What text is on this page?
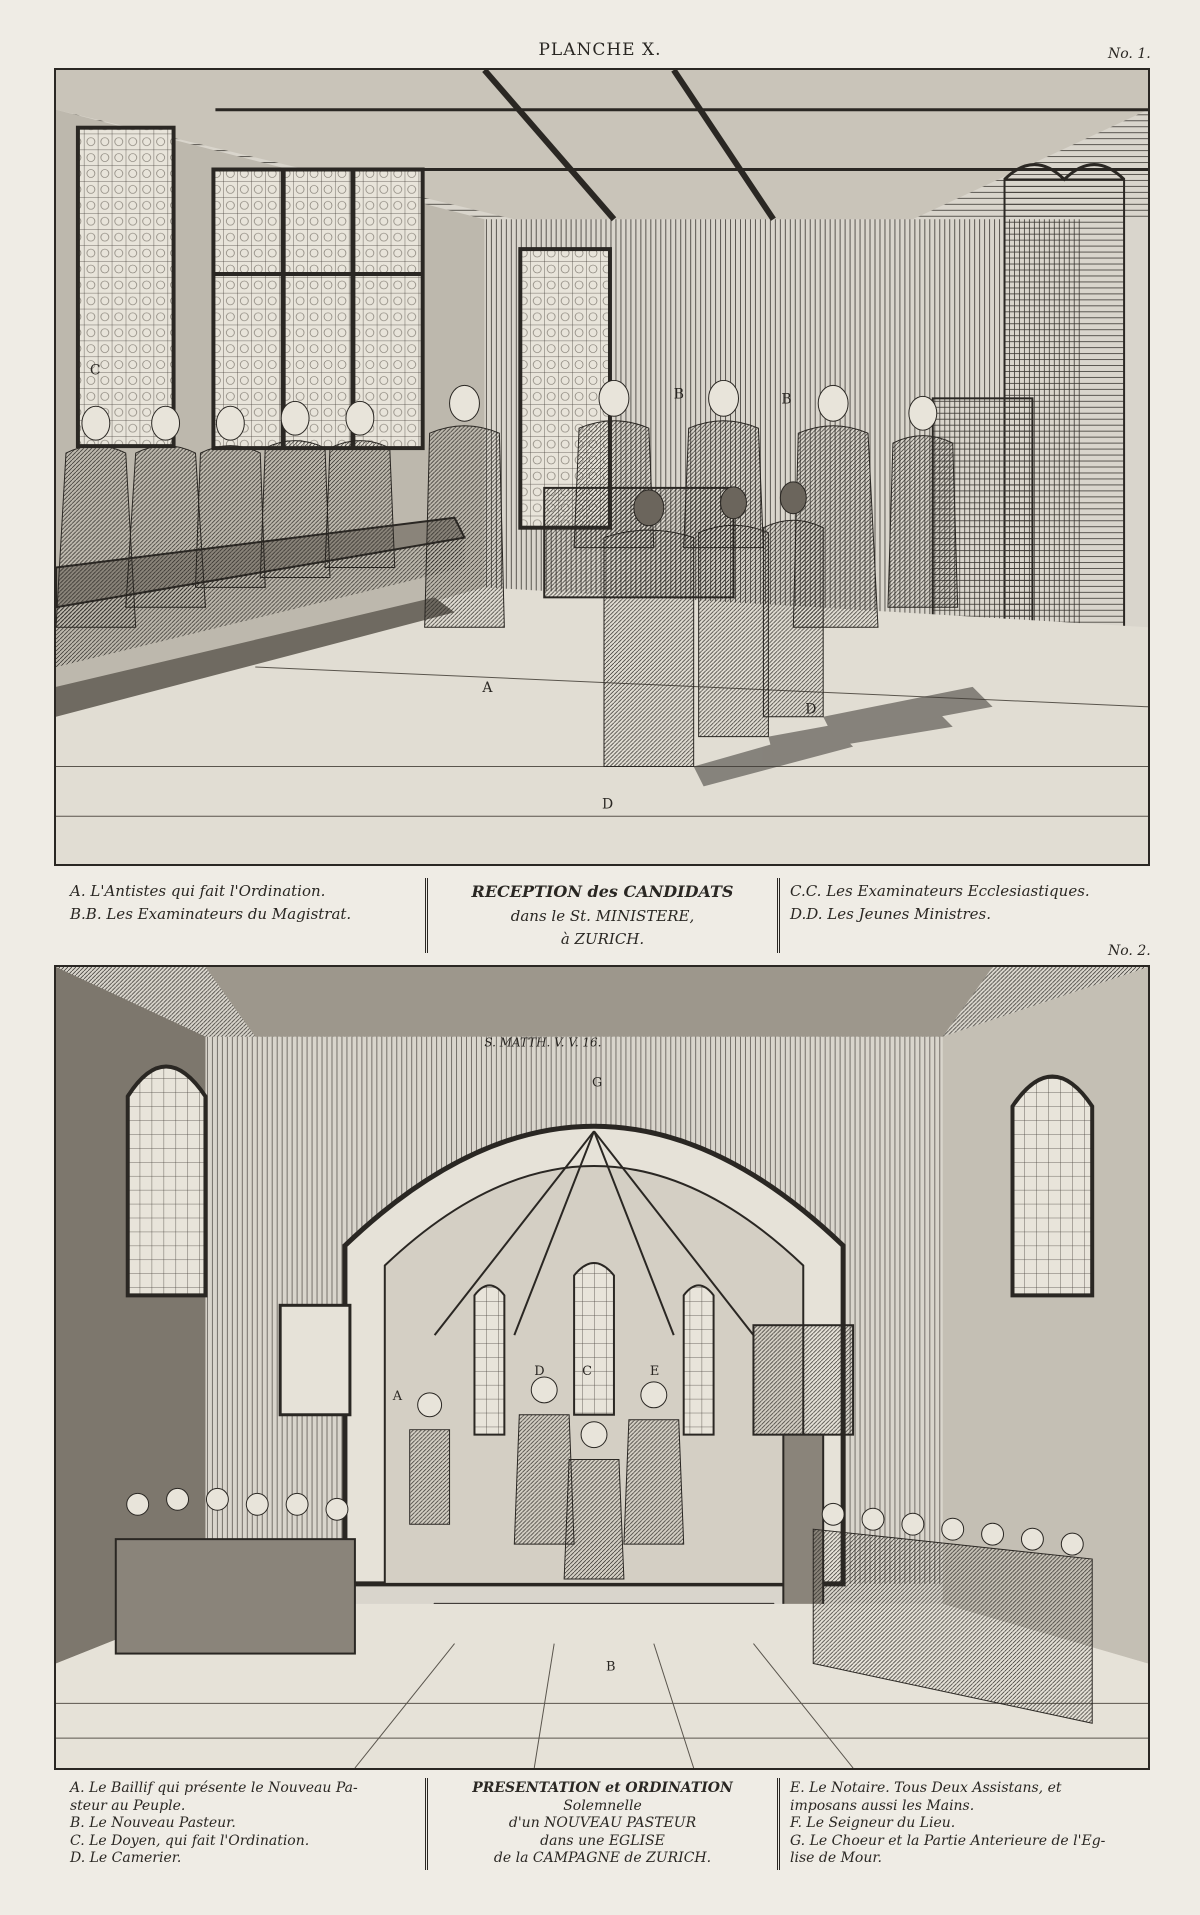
PLANCHE X.	No. 1.
C
B	B
A
D
D
A. L'Antistes qui fait l'Ordination.
B.B. Les Examinateurs du Magistrat.
RECEPTION des CANDIDATS
dans le St. MINISTERE,
à ZURICH.
C.C. Les Examinateurs Ecclesiastiques.
D.D. Les Jeunes Ministres.
No. 2.
S. MATTH. V. V. 16.
G
A
D	C	E
B
A. Le Baillif qui présente le Nouveau Pa-
steur au Peuple.
B. Le Nouveau Pasteur.
C. Le Doyen, qui fait l'Ordination.
D. Le Camerier.
PRESENTATION et ORDINATION
Solemnelle
d'un NOUVEAU PASTEUR
dans une EGLISE
de la CAMPAGNE de ZURICH.
E. Le Notaire. Tous Deux Assistans, et
imposans aussi les Mains.
F. Le Seigneur du Lieu.
G. Le Choeur et la Partie Anterieure de l'Eg-
lise de Mour.
